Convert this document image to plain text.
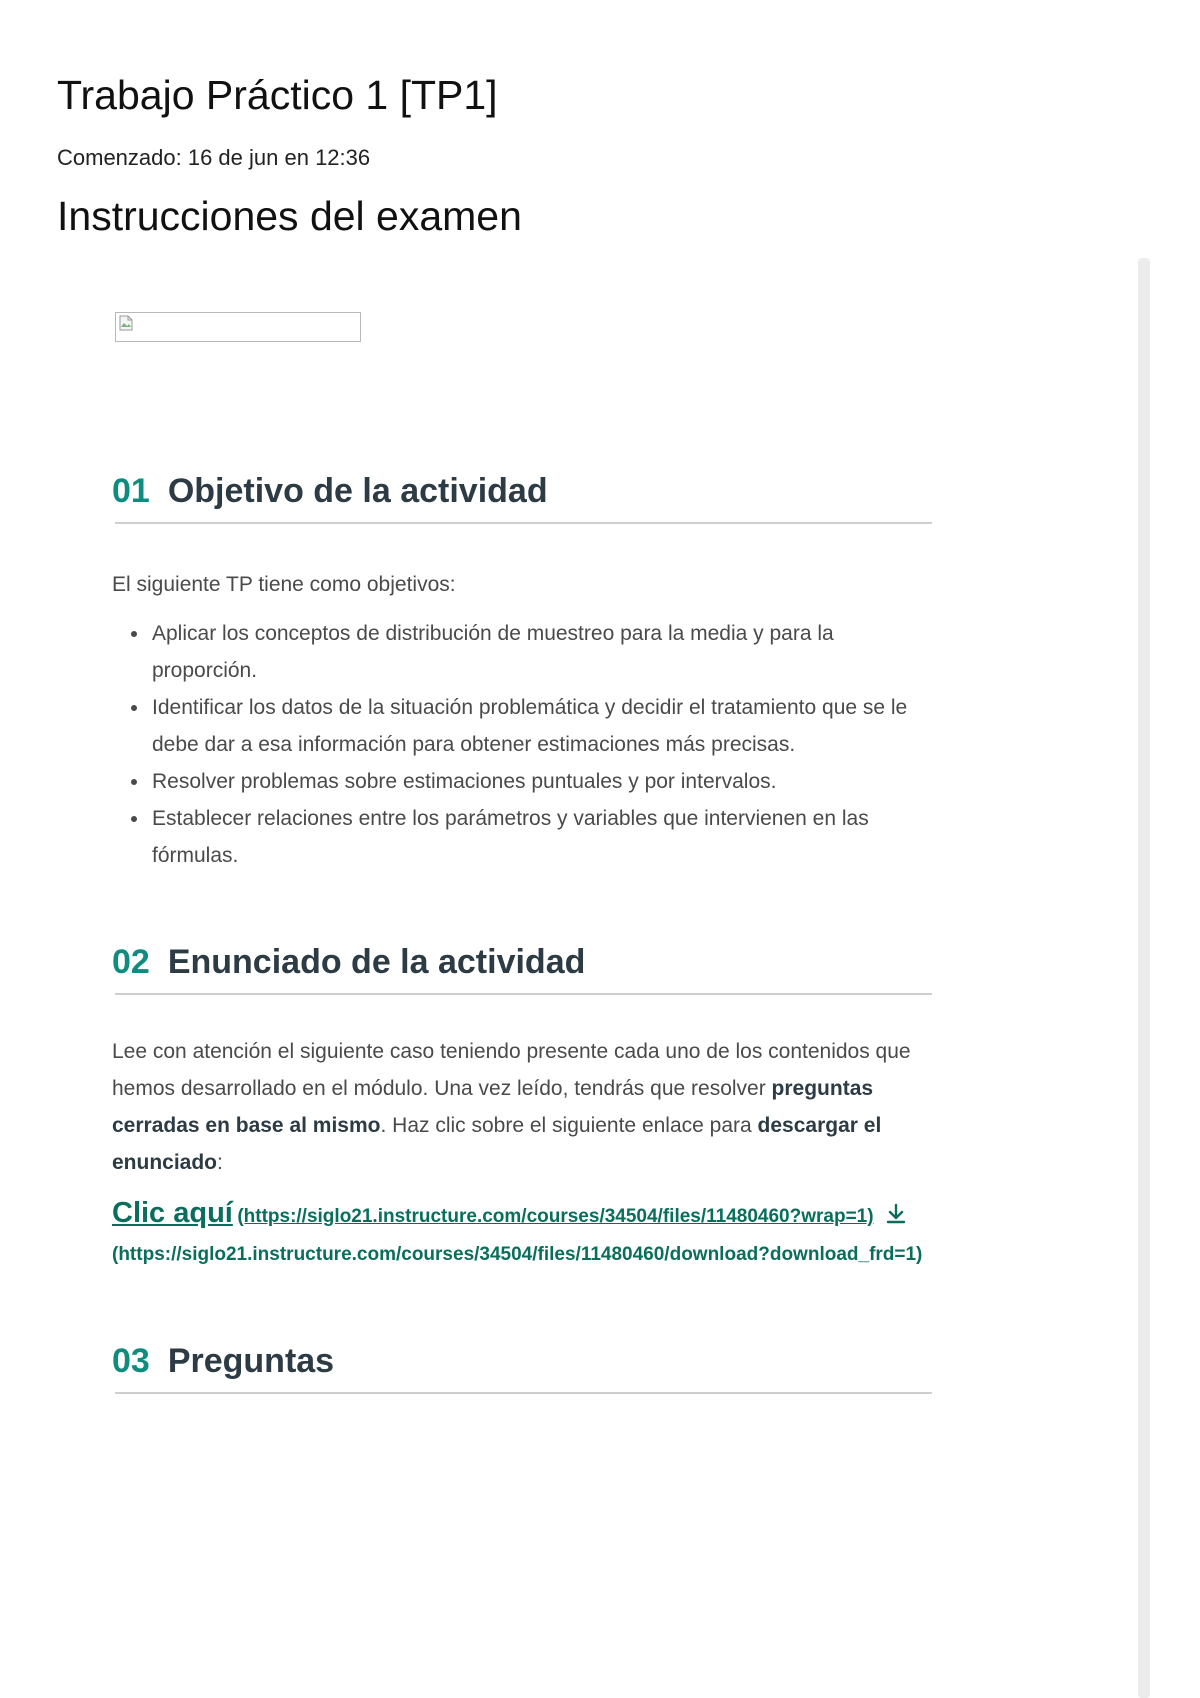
Trabajo Práctico 1 [TP1]
Comenzado: 16 de jun en 12:36
Instrucciones del examen
01 Objetivo de la actividad

El siguiente TP tiene como objetivos:

• Aplicar los conceptos de distribución de muestreo para la media y para la proporción.
• Identificar los datos de la situación problemática y decidir el tratamiento que se le debe dar a esa información para obtener estimaciones más precisas.
• Resolver problemas sobre estimaciones puntuales y por intervalos.
• Establecer relaciones entre los parámetros y variables que intervienen en las fórmulas.
02 Enunciado de la actividad

Lee con atención el siguiente caso teniendo presente cada uno de los contenidos que hemos desarrollado en el módulo. Una vez leído, tendrás que resolver preguntas cerradas en base al mismo. Haz clic sobre el siguiente enlace para descargar el enunciado:

Clic aquí (https://siglo21.instructure.com/courses/34504/files/11480460?wrap=1)
(https://siglo21.instructure.com/courses/34504/files/11480460/download?download_frd=1)
03 Preguntas
